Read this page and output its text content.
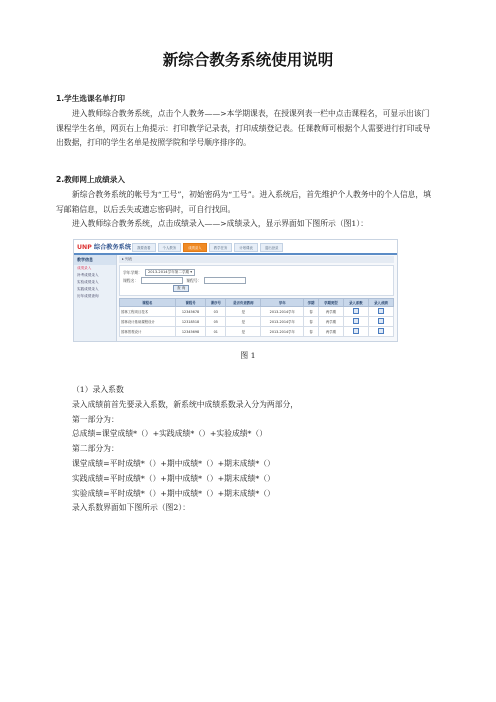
新综合教务系统使用说明
1.学生选课名单打印
进入教师综合教务系统，点击个人教务——>本学期课表，在授课列表一栏中点击课程名，可显示出该门课程学生名单，网页右上角提示：打印教学记录表，打印成绩登记表。任课教师可根据个人需要进行打印或导出数据，打印的学生名单是按照学院和学号顺序排序的。
2.教师网上成绩录入
新综合教务系统的帐号为“工号”，初始密码为“工号”。进入系统后，首先维护个人教务中的个人信息，填写邮箱信息，以后丢失或遗忘密码时，可自行找回。
进入教师综合教务系统，点击成绩录入——>成绩录入，显示界面如下图所示（图1）：
UNP 综合教务系统	我要查看	个人教务	成绩录入	教学任务	计划课表	退出登录
教学信息
成绩录入
补考成绩录入
实验成绩录入
实践成绩录入
历年成绩查询
▸ 列表
学年学期：	2013-2014学年第二学期 ▾
课程名：	课程号：
查 询
课程名	课程号	课序号	是否负责教师	学年	学期	学期类型	录入系数	录入成绩
园林工程项目技术	12345678	03	是	2013-2014学年	春	两学期		
园林设计基础课程设计	12318518	05	是	2013-2014学年	春	两学期		
园林景观设计	12345698	01	是	2013-2014学年	春	两学期		
图 1
（1）录入系数
录入成绩前首先要录入系数，新系统中成绩系数录入分为两部分，
第一部分为：
总成绩=课堂成绩*（）+实践成绩*（）+实验成绩*（）
第二部分为：
课堂成绩=平时成绩*（）+期中成绩*（）+期末成绩*（）
实践成绩=平时成绩*（）+期中成绩*（）+期末成绩*（）
实验成绩=平时成绩*（）+期中成绩*（）+期末成绩*（）
录入系数界面如下图所示（图2）：
